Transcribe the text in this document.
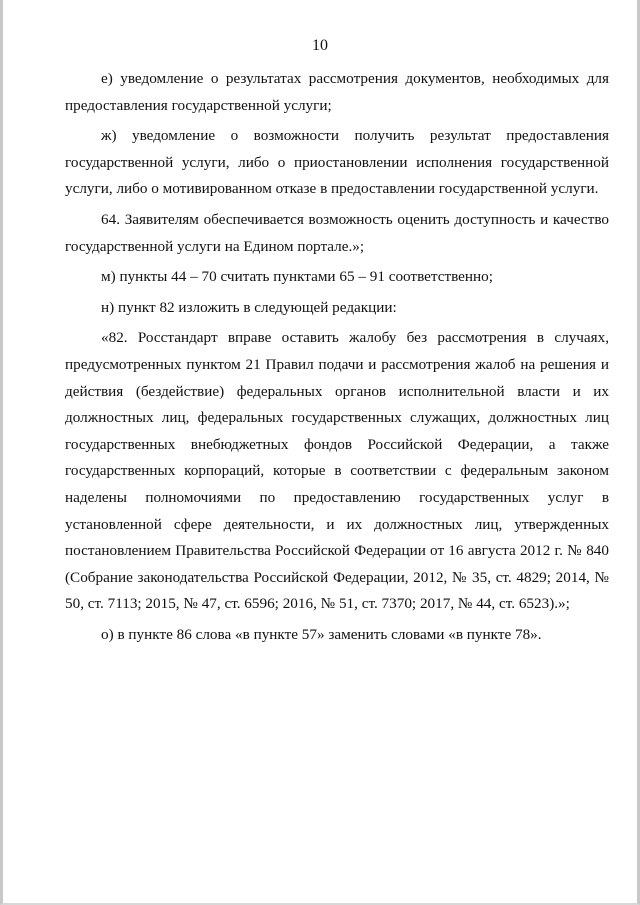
10

е) уведомление о результатах рассмотрения документов, необходимых для предоставления государственной услуги;

ж) уведомление о возможности получить результат предоставления государственной услуги, либо о приостановлении исполнения государственной услуги, либо о мотивированном отказе в предоставлении государственной услуги.

64. Заявителям обеспечивается возможность оценить доступность и качество государственной услуги на Едином портале.»;

м) пункты 44 – 70 считать пунктами 65 – 91 соответственно;

н) пункт 82 изложить в следующей редакции:

«82. Росстандарт вправе оставить жалобу без рассмотрения в случаях, предусмотренных пунктом 21 Правил подачи и рассмотрения жалоб на решения и действия (бездействие) федеральных органов исполнительной власти и их должностных лиц, федеральных государственных служащих, должностных лиц государственных внебюджетных фондов Российской Федерации, а также государственных корпораций, которые в соответствии с федеральным законом наделены полномочиями по предоставлению государственных услуг в установленной сфере деятельности, и их должностных лиц, утвержденных постановлением Правительства Российской Федерации от 16 августа 2012 г. № 840 (Собрание законодательства Российской Федерации, 2012, № 35, ст. 4829; 2014, № 50, ст. 7113; 2015, № 47, ст. 6596; 2016, № 51, ст. 7370; 2017, № 44, ст. 6523).»;

о) в пункте 86 слова «в пункте 57» заменить словами «в пункте 78».
